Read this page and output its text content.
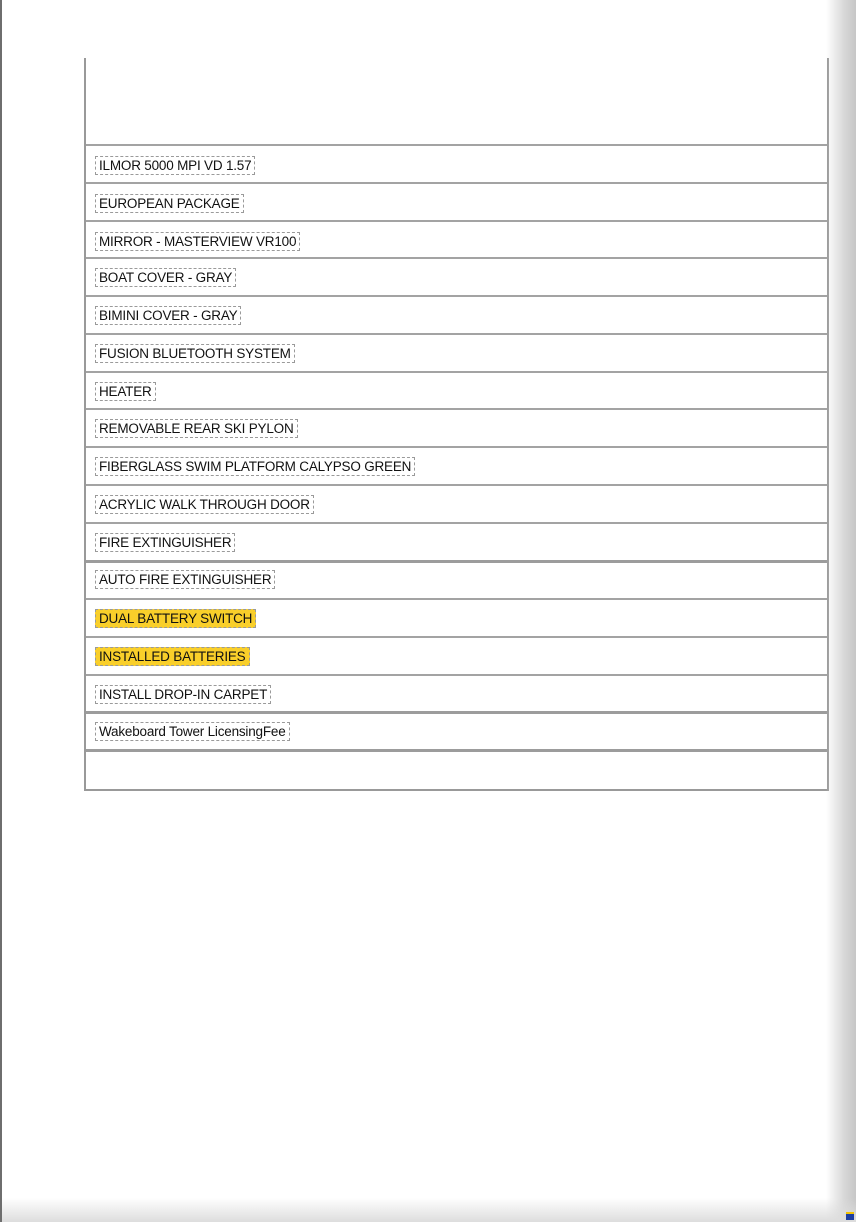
ILMOR 5000 MPI VD 1.57
EUROPEAN PACKAGE
MIRROR - MASTERVIEW VR100
BOAT COVER - GRAY
BIMINI COVER - GRAY
FUSION BLUETOOTH SYSTEM
HEATER
REMOVABLE REAR SKI PYLON
FIBERGLASS SWIM PLATFORM CALYPSO GREEN
ACRYLIC WALK THROUGH DOOR
FIRE EXTINGUISHER
AUTO FIRE EXTINGUISHER
DUAL BATTERY SWITCH
INSTALLED BATTERIES
INSTALL DROP-IN CARPET
Wakeboard Tower LicensingFee
